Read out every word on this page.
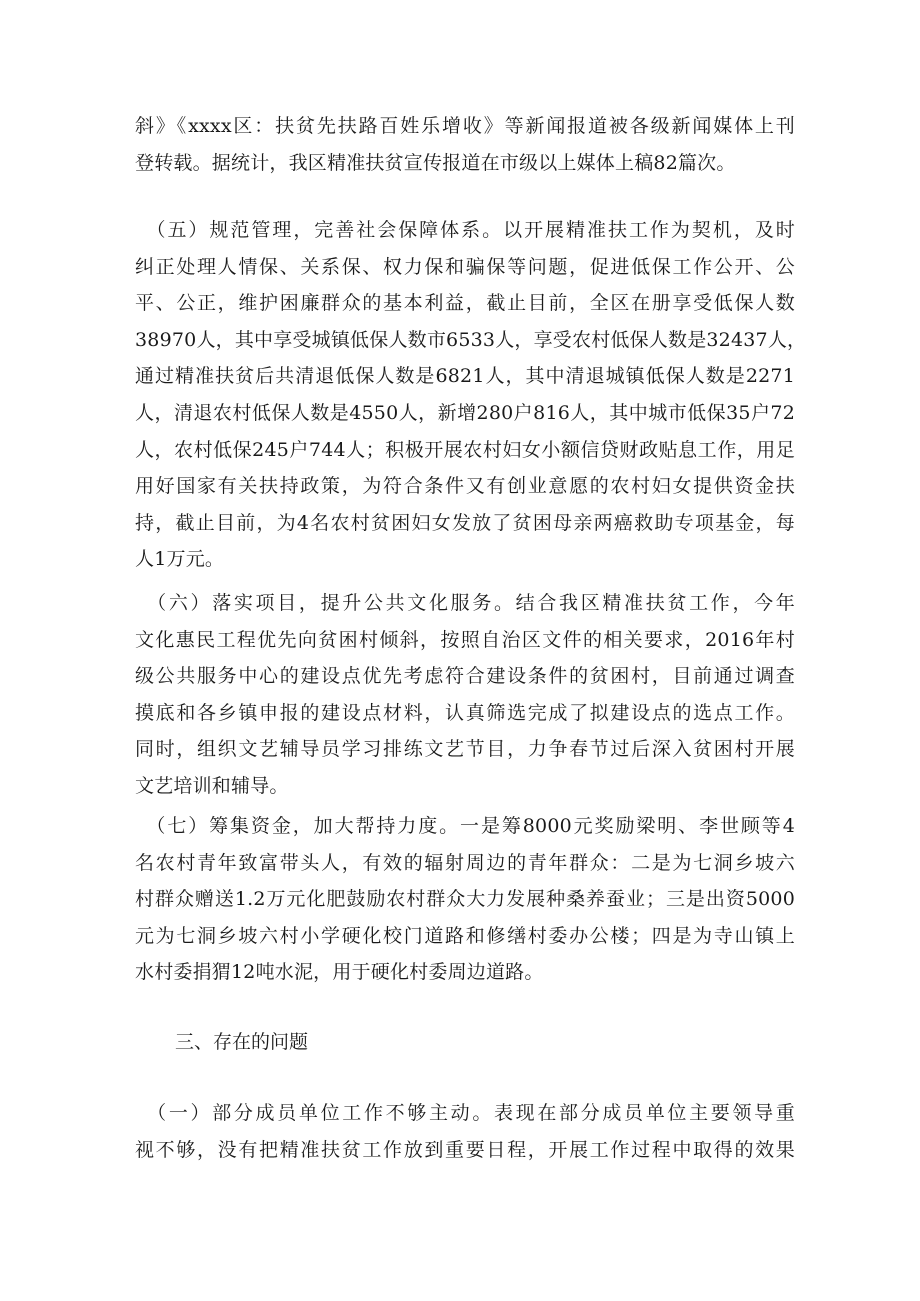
斜》《xxxx区：扶贫先扶路百姓乐增收》等新闻报道被各级新闻媒体上刊
登转载。据统计，我区精准扶贫宣传报道在市级以上媒体上稿82篇次。
　（五）规范管理，完善社会保障体系。以开展精准扶工作为契机，及时
纠正处理人情保、关系保、权力保和骗保等问题，促进低保工作公开、公
平、公正，维护困廉群众的基本利益，截止目前，全区在册享受低保人数
38970人，其中享受城镇低保人数市6533人，享受农村低保人数是32437人，
通过精准扶贫后共清退低保人数是6821人，其中清退城镇低保人数是2271
人，清退农村低保人数是4550人，新增280户816人，其中城市低保35户72
人，农村低保245户744人；积极开展农村妇女小额信贷财政贴息工作，用足
用好国家有关扶持政策，为符合条件又有创业意愿的农村妇女提供资金扶
持，截止目前，为4名农村贫困妇女发放了贫困母亲两癌救助专项基金，每
人1万元。
　（六）落实项目，提升公共文化服务。结合我区精准扶贫工作，今年
文化惠民工程优先向贫困村倾斜，按照自治区文件的相关要求，2016年村
级公共服务中心的建设点优先考虑符合建设条件的贫困村，目前通过调查
摸底和各乡镇申报的建设点材料，认真筛选完成了拟建设点的选点工作。
同时，组织文艺辅导员学习排练文艺节目，力争春节过后深入贫困村开展
文艺培训和辅导。
　（七）筹集资金，加大帮持力度。一是筹8000元奖励梁明、李世顾等4
名农村青年致富带头人，有效的辐射周边的青年群众：二是为七洞乡坡六
村群众赠送1.2万元化肥鼓励农村群众大力发展种桑养蚕业；三是出资5000
元为七洞乡坡六村小学硬化校门道路和修缮村委办公楼；四是为寺山镇上
水村委捐猬12吨水泥，用于硬化村委周边道路。
三、存在的问题
　（一）部分成员单位工作不够主动。表现在部分成员单位主要领导重
视不够，没有把精准扶贫工作放到重要日程，开展工作过程中取得的效果
